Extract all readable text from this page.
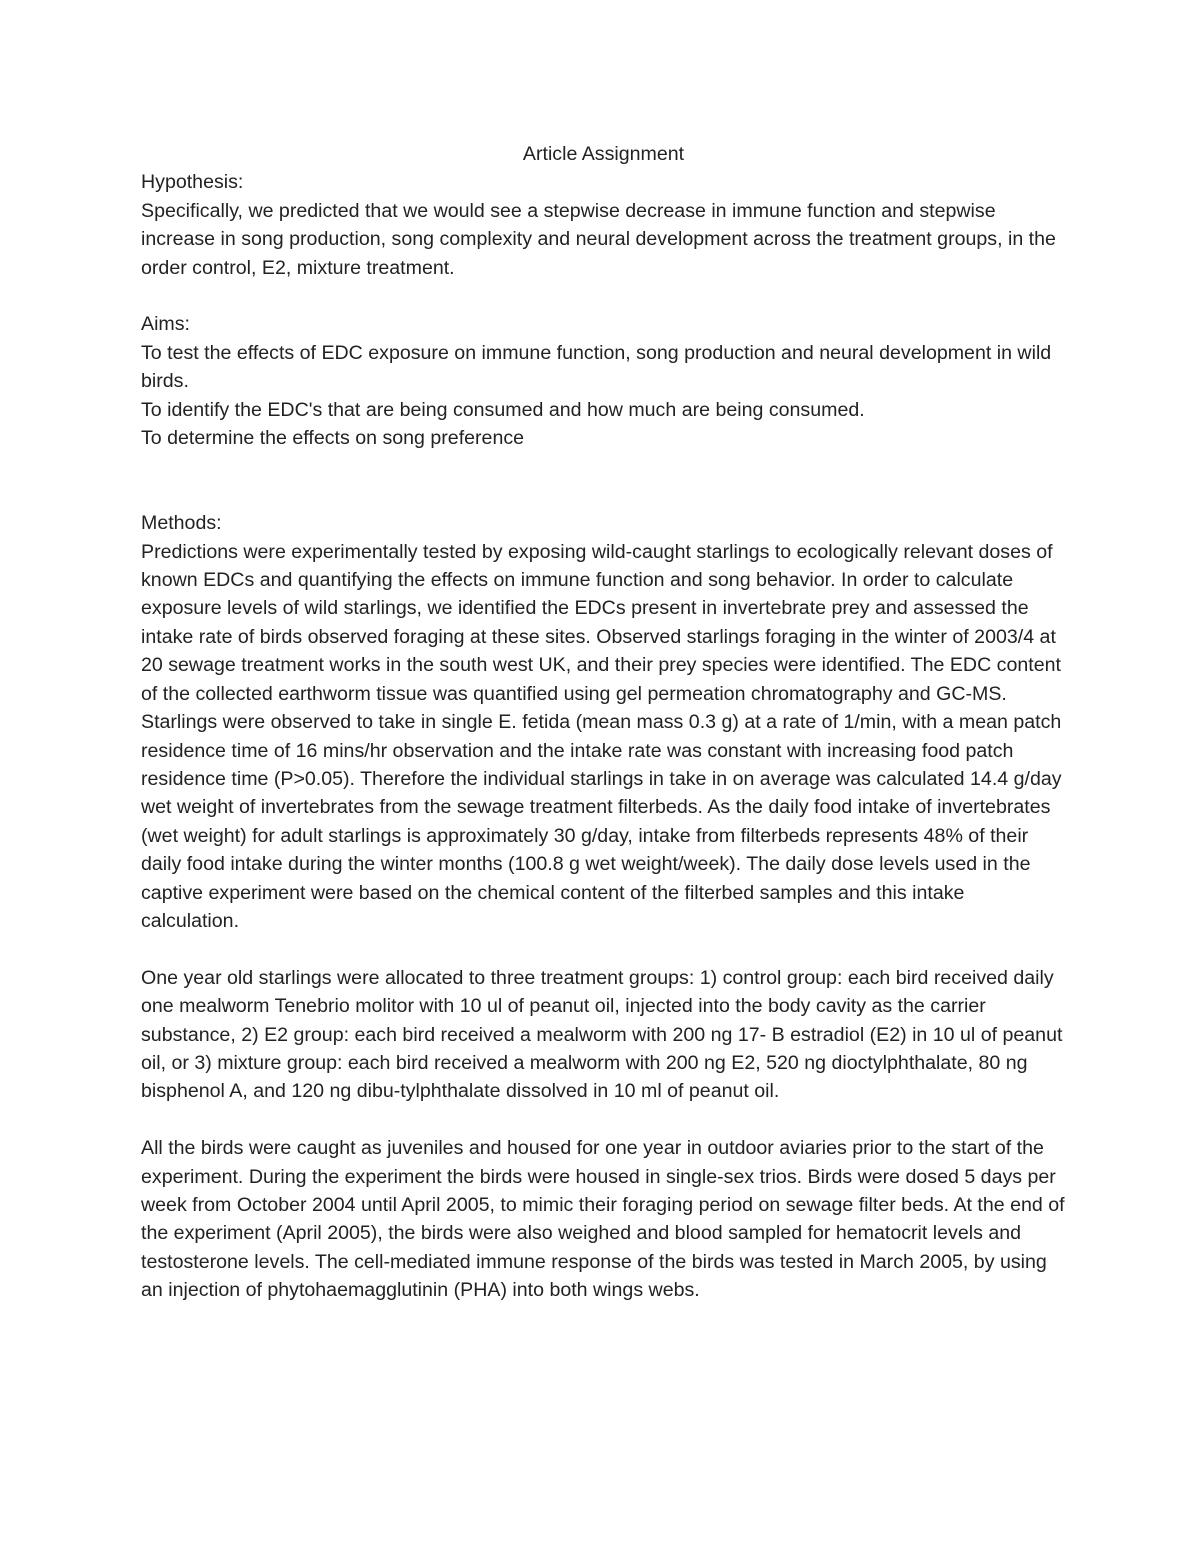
Article Assignment

Hypothesis:

Specifically, we predicted that we would see a stepwise decrease in immune function and stepwise increase in song production, song complexity and neural development across the treatment groups, in the order control, E2, mixture treatment.

Aims:

To test the effects of EDC exposure on immune function, song production and neural development in wild birds.

To identify the EDC's that are being consumed and how much are being consumed.

To determine the effects on song preference

Methods:

Predictions were experimentally tested by exposing wild-caught starlings to ecologically relevant doses of known EDCs and quantifying the effects on immune function and song behavior. In order to calculate exposure levels of wild starlings, we identified the EDCs present in invertebrate prey and assessed the intake rate of birds observed foraging at these sites. Observed starlings foraging in the winter of 2003/4 at 20 sewage treatment works in the south west UK, and their prey species were identified. The EDC content of the collected earthworm tissue was quantified using gel permeation chromatography and GC-MS. Starlings were observed to take in single E. fetida (mean mass 0.3 g) at a rate of 1/min, with a mean patch residence time of 16 mins/hr observation and the intake rate was constant with increasing food patch residence time (P>0.05). Therefore the individual starlings in take in on average was calculated 14.4 g/day wet weight of invertebrates from the sewage treatment filterbeds. As the daily food intake of invertebrates (wet weight) for adult starlings is approximately 30 g/day, intake from filterbeds represents 48% of their daily food intake during the winter months (100.8 g wet weight/week). The daily dose levels used in the captive experiment were based on the chemical content of the filterbed samples and this intake calculation.

One year old starlings were allocated to three treatment groups: 1) control group: each bird received daily one mealworm Tenebrio molitor with 10 ul of peanut oil, injected into the body cavity as the carrier substance, 2) E2 group: each bird received a mealworm with 200 ng 17- B estradiol (E2) in 10 ul of peanut oil, or 3) mixture group: each bird received a mealworm with 200 ng E2, 520 ng dioctylphthalate, 80 ng bisphenol A, and 120 ng dibu-tylphthalate dissolved in 10 ml of peanut oil.

All the birds were caught as juveniles and housed for one year in outdoor aviaries prior to the start of the experiment. During the experiment the birds were housed in single-sex trios. Birds were dosed 5 days per week from October 2004 until April 2005, to mimic their foraging period on sewage filter beds. At the end of the experiment (April 2005), the birds were also weighed and blood sampled for hematocrit levels and testosterone levels. The cell-mediated immune response of the birds was tested in March 2005, by using an injection of phytohaemagglutinin (PHA) into both wings webs.
